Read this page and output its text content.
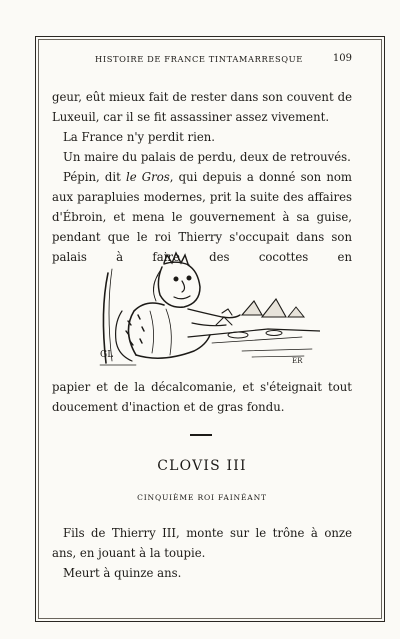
HISTOIRE DE FRANCE TINTAMARRESQUE	109

geur, eût mieux fait de rester dans son couvent de Luxeuil, car il se fit assassiner assez vivement.

La France n'y perdit rien.

Un maire du palais de perdu, deux de retrouvés.

Pépin, dit le Gros, qui depuis a donné son nom aux parapluies modernes, prit la suite des affaires d'Ébroin, et mena le gouvernement à sa guise, pendant que le roi Thierry s'occupait dans son palais à faire des cocottes en

GL
ER

papier et de la décalcomanie, et s'éteignait tout doucement d'inaction et de gras fondu.

CLOVIS III
CINQUIÈME ROI FAINÉANT

Fils de Thierry III, monte sur le trône à onze ans, en jouant à la toupie.

Meurt à quinze ans.
